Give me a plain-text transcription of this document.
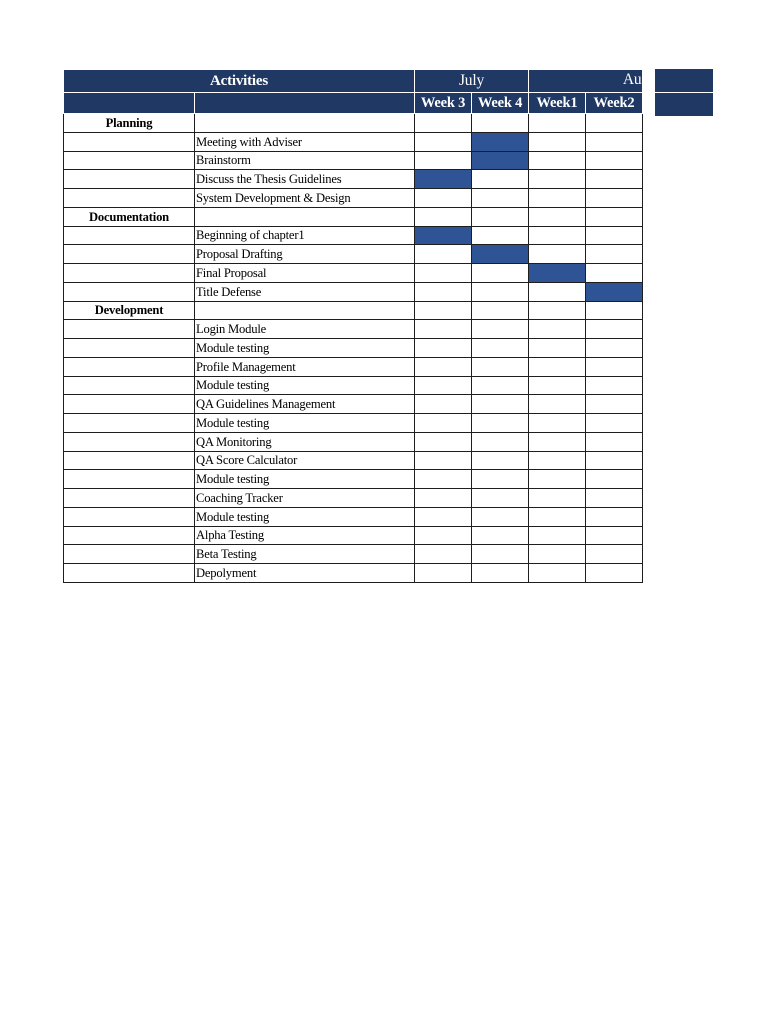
Activities		July		Aug	

		Week 3	Week 4	Week1	Week2
Planning					
	Meeting with Adviser				
	Brainstorm				
	Discuss the Thesis Guidelines				
	System Development & Design				
Documentation					
	Beginning of chapter1				
	Proposal Drafting				
	Final Proposal				
	Title Defense				
Development					
	Login Module				
	Module testing				
	Profile Management				
	Module testing				
	QA Guidelines Management				
	Module testing				
	QA Monitoring				
	QA Score Calculator				
	Module testing				
	Coaching Tracker				
	Module testing				
	Alpha Testing				
	Beta Testing				
	Depolyment				
